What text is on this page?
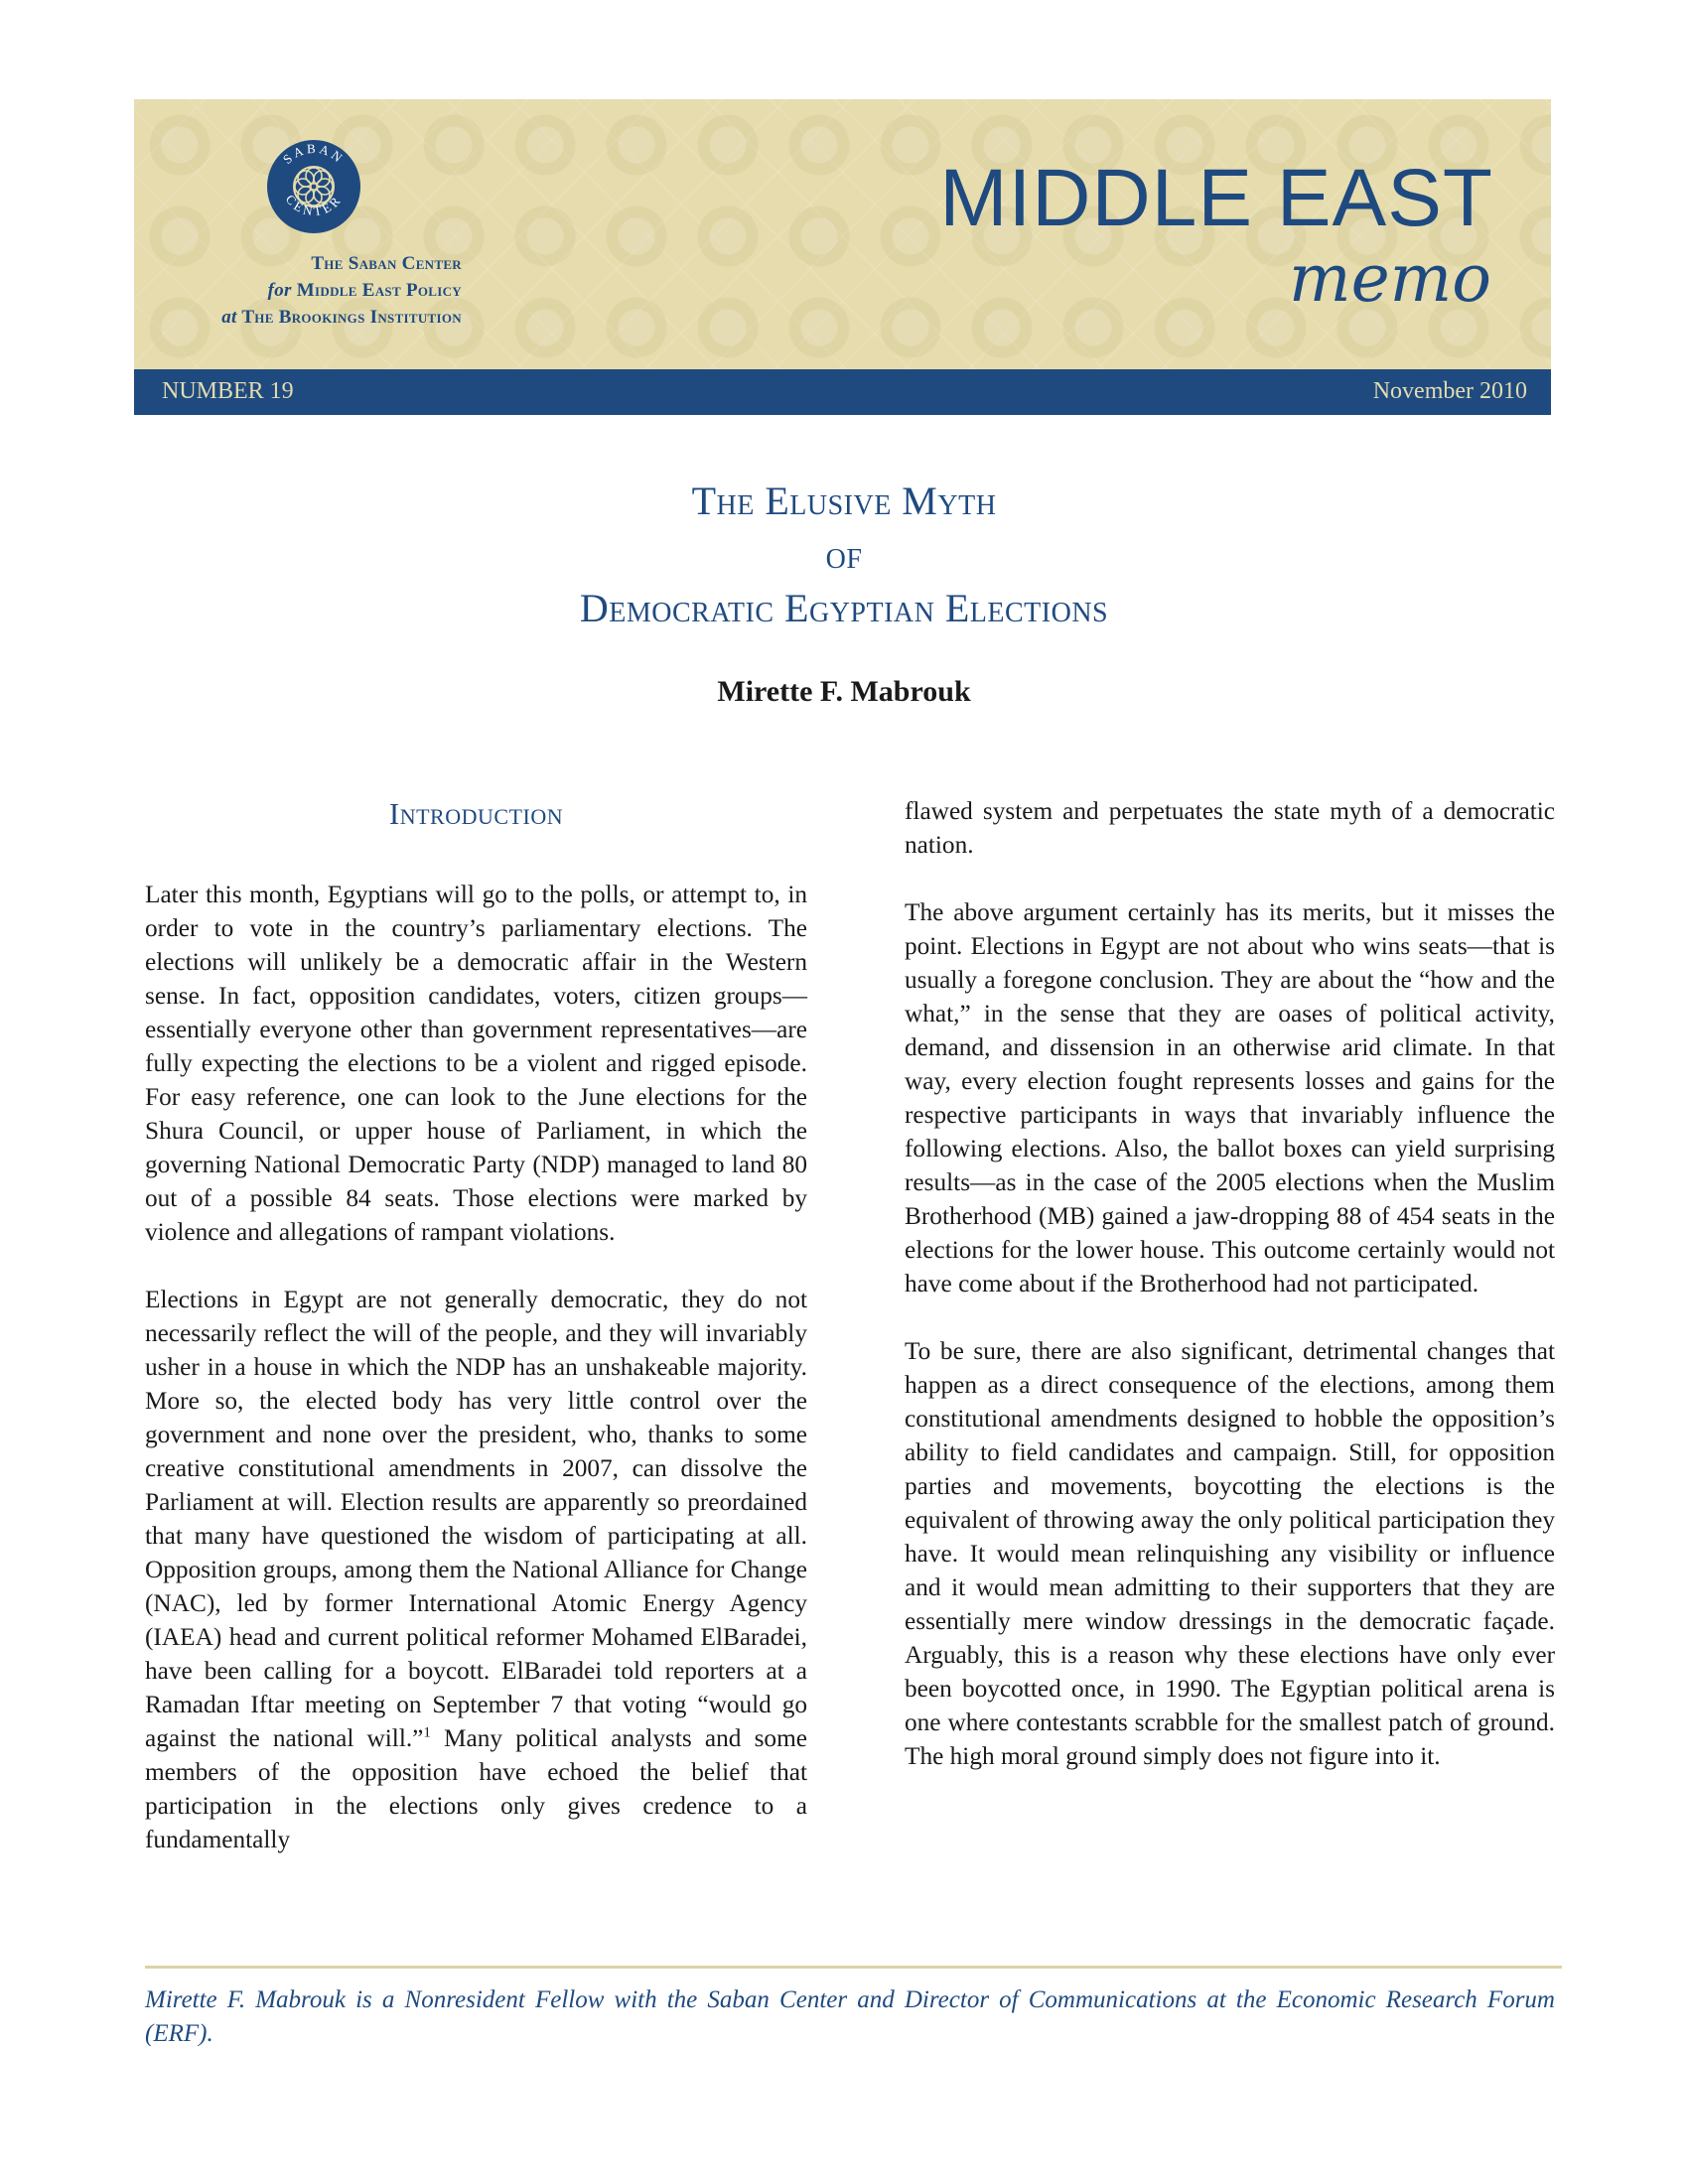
SABAN
CENTER
The Saban Center
for Middle East Policy
at The Brookings Institution
MIDDLE EAST
memo
NUMBER 19	November 2010
The Elusive Myth
of
Democratic Egyptian Elections
Mirette F. Mabrouk
Introduction

Later this month, Egyptians will go to the polls, or attempt to, in order to vote in the country’s parliamentary elections. The elections will unlikely be a democratic affair in the Western sense. In fact, opposition candidates, voters, citizen groups—essentially everyone other than government representatives—are fully expecting the elections to be a violent and rigged episode. For easy reference, one can look to the June elections for the Shura Council, or upper house of Parliament, in which the governing National Democratic Party (NDP) managed to land 80 out of a possible 84 seats. Those elections were marked by violence and allegations of rampant violations.

Elections in Egypt are not generally democratic, they do not necessarily reflect the will of the people, and they will invariably usher in a house in which the NDP has an unshakeable majority. More so, the elected body has very little control over the government and none over the president, who, thanks to some creative constitutional amendments in 2007, can dissolve the Parliament at will. Election results are apparently so preordained that many have questioned the wisdom of participating at all. Opposition groups, among them the National Alliance for Change (NAC), led by former International Atomic Energy Agency (IAEA) head and current political reformer Mohamed ElBaradei, have been calling for a boycott. ElBaradei told reporters at a Ramadan Iftar meeting on September 7 that voting “would go against the national will.”$^1$ Many political analysts and some members of the opposition have echoed the belief that participation in the elections only gives credence to a fundamentally

flawed system and perpetuates the state myth of a democratic nation.

The above argument certainly has its merits, but it misses the point. Elections in Egypt are not about who wins seats—that is usually a foregone conclusion. They are about the “how and the what,” in the sense that they are oases of political activity, demand, and dissension in an otherwise arid climate. In that way, every election fought represents losses and gains for the respective participants in ways that invariably influence the following elections. Also, the ballot boxes can yield surprising results—as in the case of the 2005 elections when the Muslim Brotherhood (MB) gained a jaw-dropping 88 of 454 seats in the elections for the lower house. This outcome certainly would not have come about if the Brotherhood had not participated.

To be sure, there are also significant, detrimental changes that happen as a direct consequence of the elections, among them constitutional amendments designed to hobble the opposition’s ability to field candidates and campaign. Still, for opposition parties and movements, boycotting the elections is the equivalent of throwing away the only political participation they have. It would mean relinquishing any visibility or influence and it would mean admitting to their supporters that they are essentially mere window dressings in the democratic façade. Arguably, this is a reason why these elections have only ever been boycotted once, in 1990. The Egyptian political arena is one where contestants scrabble for the smallest patch of ground. The high moral ground simply does not figure into it.

Mirette F. Mabrouk is a Nonresident Fellow with the Saban Center and Director of Communications at the Economic Research Forum (ERF).
